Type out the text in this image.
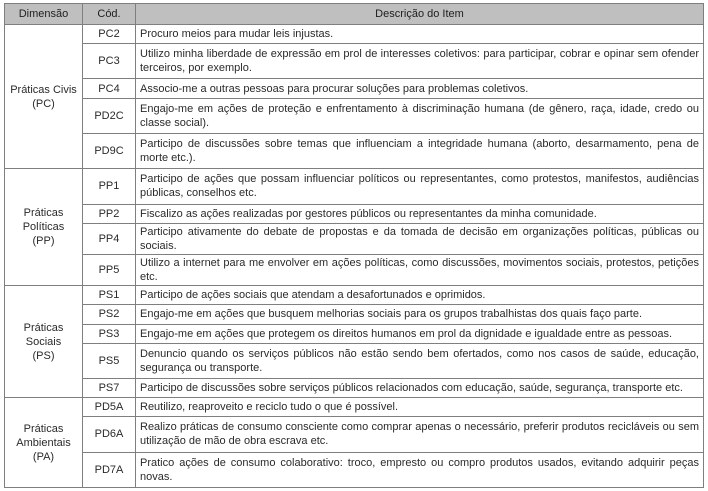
Dimensão	Cód.	Descrição do Item

Práticas Civis
(PC)	PC2	Procuro meios para mudar leis injustas.
	PC3	Utilizo minha liberdade de expressão em prol de interesses coletivos: para participar, cobrar e opinar sem ofender terceiros, por exemplo.
	PC4	Associo-me a outras pessoas para procurar soluções para problemas coletivos.
	PD2C	Engajo-me em ações de proteção e enfrentamento à discriminação humana (de gênero, raça, idade, credo ou classe social).
	PD9C	Participo de discussões sobre temas que influenciam a integridade humana (aborto, desarmamento, pena de morte etc.).

Práticas
Políticas
(PP)	PP1	Participo de ações que possam influenciar políticos ou representantes, como protestos, manifestos, audiências públicas, conselhos etc.
	PP2	Fiscalizo as ações realizadas por gestores públicos ou representantes da minha comunidade.
	PP4	Participo ativamente do debate de propostas e da tomada de decisão em organizações políticas, públicas ou sociais.
	PP5	Utilizo a internet para me envolver em ações políticas, como discussões, movimentos sociais, protestos, petições etc.

Práticas
Sociais
(PS)	PS1	Participo de ações sociais que atendam a desafortunados e oprimidos.
	PS2	Engajo-me em ações que busquem melhorias sociais para os grupos trabalhistas dos quais faço parte.
	PS3	Engajo-me em ações que protegem os direitos humanos em prol da dignidade e igualdade entre as pessoas.
	PS5	Denuncio quando os serviços públicos não estão sendo bem ofertados, como nos casos de saúde, educação, segurança ou transporte.
	PS7	Participo de discussões sobre serviços públicos relacionados com educação, saúde, segurança, transporte etc.

Práticas
Ambientais
(PA)	PD5A	Reutilizo, reaproveito e reciclo tudo o que é possível.
	PD6A	Realizo práticas de consumo consciente como comprar apenas o necessário, preferir produtos recicláveis ou sem utilização de mão de obra escrava etc.
	PD7A	Pratico ações de consumo colaborativo: troco, empresto ou compro produtos usados, evitando adquirir peças novas.
